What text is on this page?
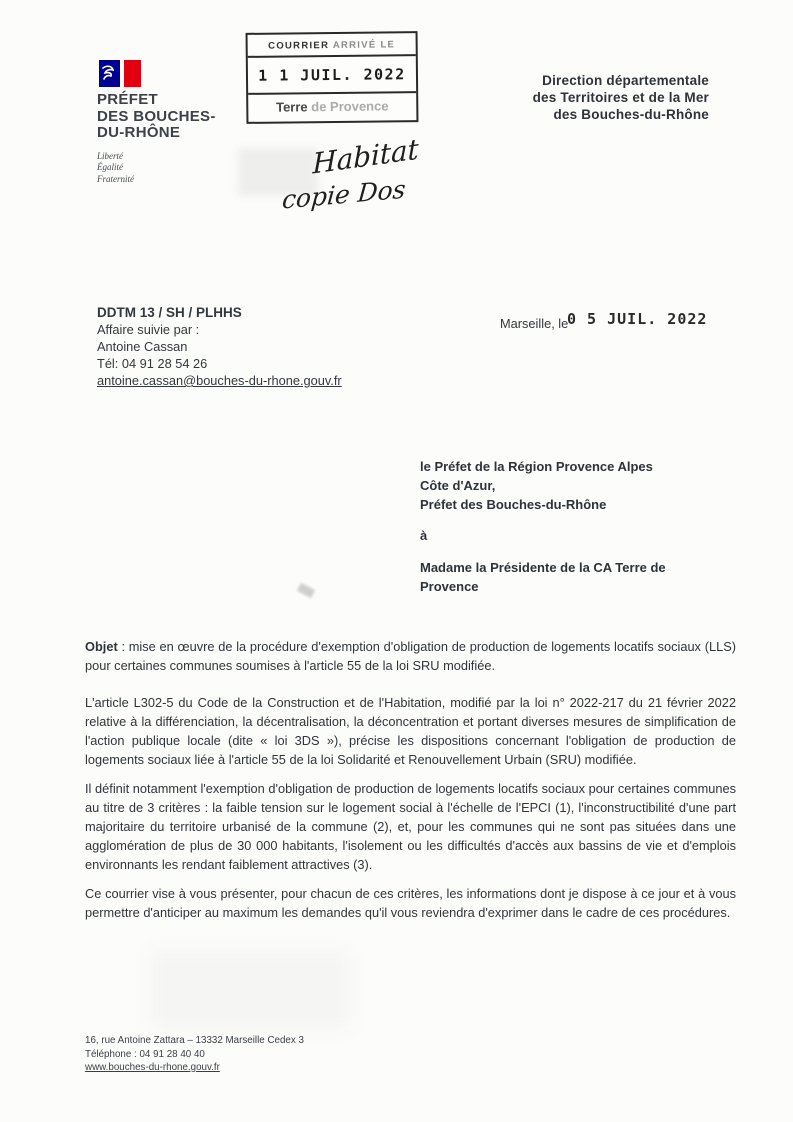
PRÉFET
DES BOUCHES-
DU-RHÔNE
Liberté
Égalité
Fraternité
COURRIER ARRIVÉ LE
1 1 JUIL. 2022
Terre de Provence
Habitat
copie Dos
Direction départementale
des Territoires et de la Mer
des Bouches-du-Rhône
DDTM 13 / SH / PLHHS
Affaire suivie par :
Antoine Cassan
Tél: 04 91 28 54 26
antoine.cassan@bouches-du-rhone.gouv.fr
Marseille, le
0 5 JUIL. 2022
le Préfet de la Région Provence Alpes
Côte d'Azur,
Préfet des Bouches-du-Rhône
à
Madame la Présidente de la CA Terre de
Provence

Objet : mise en œuvre de la procédure d'exemption d'obligation de production de logements locatifs sociaux (LLS) pour certaines communes soumises à l'article 55 de la loi SRU modifiée.

L'article L302-5 du Code de la Construction et de l'Habitation, modifié par la loi n° 2022-217 du 21 février 2022 relative à la différenciation, la décentralisation, la déconcentration et portant diverses mesures de simplification de l'action publique locale (dite « loi 3DS »), précise les dispositions concernant l'obligation de production de logements sociaux liée à l'article 55 de la loi Solidarité et Renouvellement Urbain (SRU) modifiée.

Il définit notamment l'exemption d'obligation de production de logements locatifs sociaux pour certaines communes au titre de 3 critères : la faible tension sur le logement social à l'échelle de l'EPCI (1), l'inconstructibilité d'une part majoritaire du territoire urbanisé de la commune (2), et, pour les communes qui ne sont pas situées dans une agglomération de plus de 30 000 habitants, l'isolement ou les difficultés d'accès aux bassins de vie et d'emplois environnants les rendant faiblement attractives (3).

Ce courrier vise à vous présenter, pour chacun de ces critères, les informations dont je dispose à ce jour et à vous permettre d'anticiper au maximum les demandes qu'il vous reviendra d'exprimer dans le cadre de ces procédures.

16, rue Antoine Zattara – 13332 Marseille Cedex 3
Téléphone : 04 91 28 40 40
www.bouches-du-rhone.gouv.fr
